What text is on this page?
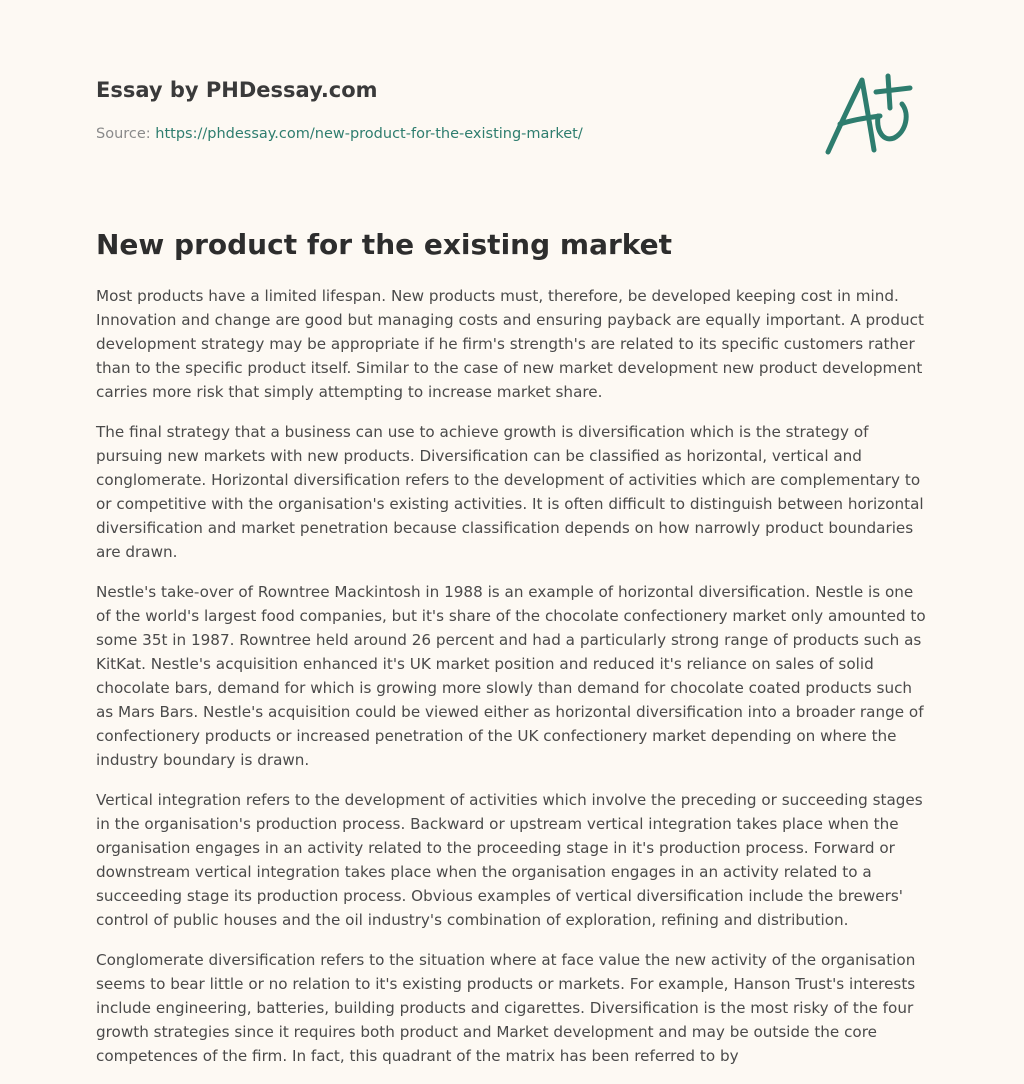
Essay by PHDessay.com
Source: https://phdessay.com/new-product-for-the-existing-market/
New product for the existing market

Most products have a limited lifespan. New products must, therefore, be developed keeping cost in mind. Innovation and change are good but managing costs and ensuring payback are equally important. A product development strategy may be appropriate if he firm's strength's are related to its specific customers rather than to the specific product itself. Similar to the case of new market development new product development carries more risk that simply attempting to increase market share.

The final strategy that a business can use to achieve growth is diversification which is the strategy of pursuing new markets with new products. Diversification can be classified as horizontal, vertical and conglomerate. Horizontal diversification refers to the development of activities which are complementary to or competitive with the organisation's existing activities. It is often difficult to distinguish between horizontal diversification and market penetration because classification depends on how narrowly product boundaries are drawn.

Nestle's take-over of Rowntree Mackintosh in 1988 is an example of horizontal diversification. Nestle is one of the world's largest food companies, but it's share of the chocolate confectionery market only amounted to some 35t in 1987. Rowntree held around 26 percent and had a particularly strong range of products such as KitKat. Nestle's acquisition enhanced it's UK market position and reduced it's reliance on sales of solid chocolate bars, demand for which is growing more slowly than demand for chocolate coated products such as Mars Bars. Nestle's acquisition could be viewed either as horizontal diversification into a broader range of confectionery products or increased penetration of the UK confectionery market depending on where the industry boundary is drawn.

Vertical integration refers to the development of activities which involve the preceding or succeeding stages in the organisation's production process. Backward or upstream vertical integration takes place when the organisation engages in an activity related to the proceeding stage in it's production process. Forward or downstream vertical integration takes place when the organisation engages in an activity related to a succeeding stage its production process. Obvious examples of vertical diversification include the brewers' control of public houses and the oil industry's combination of exploration, refining and distribution.

Conglomerate diversification refers to the situation where at face value the new activity of the organisation seems to bear little or no relation to it's existing products or markets. For example, Hanson Trust's interests include engineering, batteries, building products and cigarettes. Diversification is the most risky of the four growth strategies since it requires both product and Market development and may be outside the core competences of the firm. In fact, this quadrant of the matrix has been referred to by
